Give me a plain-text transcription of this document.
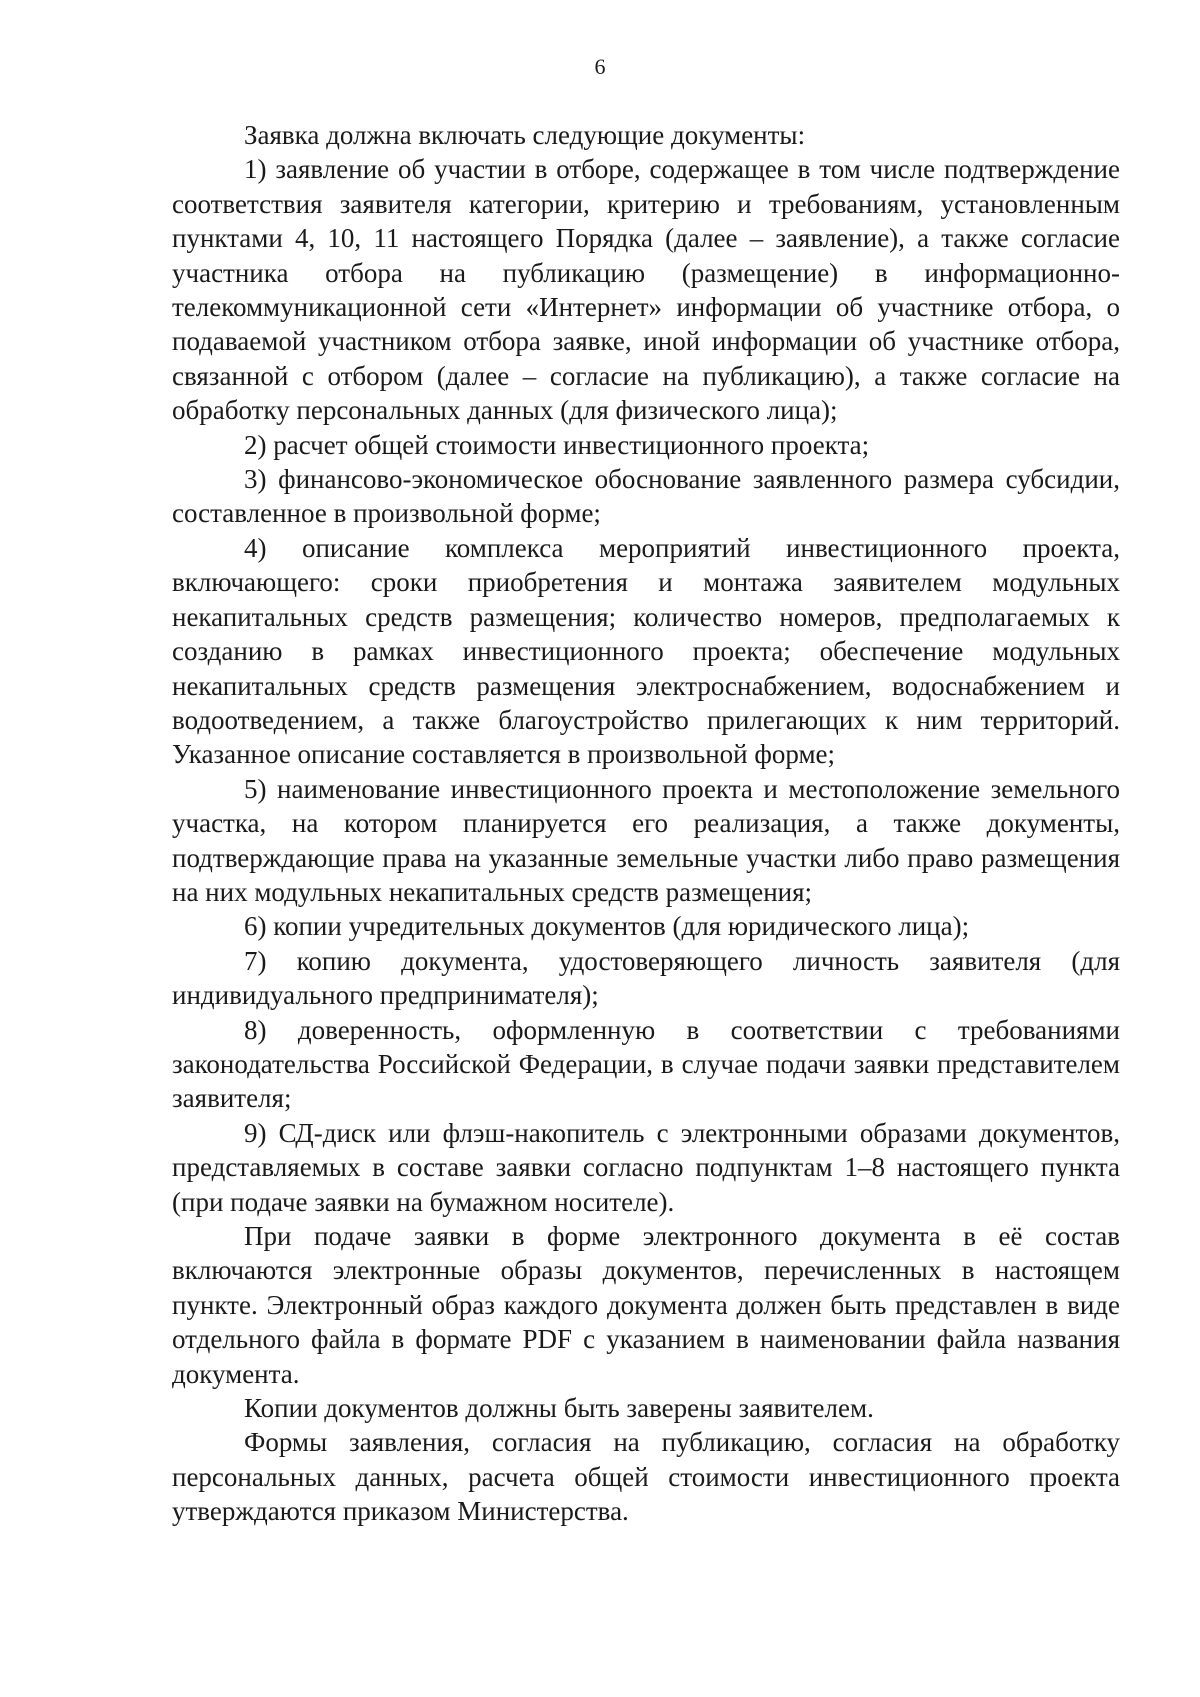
6

Заявка должна включать следующие документы:

1) заявление об участии в отборе, содержащее в том числе подтверждение соответствия заявителя категории, критерию и требованиям, установленным пунктами 4, 10, 11 настоящего Порядка (далее – заявление), а также согласие участника отбора на публикацию (размещение) в информационно-телекоммуникационной сети «Интернет» информации об участнике отбора, о подаваемой участником отбора заявке, иной информации об участнике отбора, связанной с отбором (далее – согласие на публикацию), а также согласие на обработку персональных данных (для физического лица);

2) расчет общей стоимости инвестиционного проекта;

3) финансово-экономическое обоснование заявленного размера субсидии, составленное в произвольной форме;

4) описание комплекса мероприятий инвестиционного проекта, включающего: сроки приобретения и монтажа заявителем модульных некапитальных средств размещения; количество номеров, предполагаемых к созданию в рамках инвестиционного проекта; обеспечение модульных некапитальных средств размещения электроснабжением, водоснабжением и водоотведением, а также благоустройство прилегающих к ним территорий. Указанное описание составляется в произвольной форме;

5) наименование инвестиционного проекта и местоположение земельного участка, на котором планируется его реализация, а также документы, подтверждающие права на указанные земельные участки либо право размещения на них модульных некапитальных средств размещения;

6) копии учредительных документов (для юридического лица);

7) копию документа, удостоверяющего личность заявителя (для индивидуального предпринимателя);

8) доверенность, оформленную в соответствии с требованиями законодательства Российской Федерации, в случае подачи заявки представителем заявителя;

9) СД-диск или флэш-накопитель с электронными образами документов, представляемых в составе заявки согласно подпунктам 1–8 настоящего пункта (при подаче заявки на бумажном носителе).

При подаче заявки в форме электронного документа в её состав включаются электронные образы документов, перечисленных в настоящем пункте. Электронный образ каждого документа должен быть представлен в виде отдельного файла в формате PDF с указанием в наименовании файла названия документа.

Копии документов должны быть заверены заявителем.

Формы заявления, согласия на публикацию, согласия на обработку персональных данных, расчета общей стоимости инвестиционного проекта утверждаются приказом Министерства.
